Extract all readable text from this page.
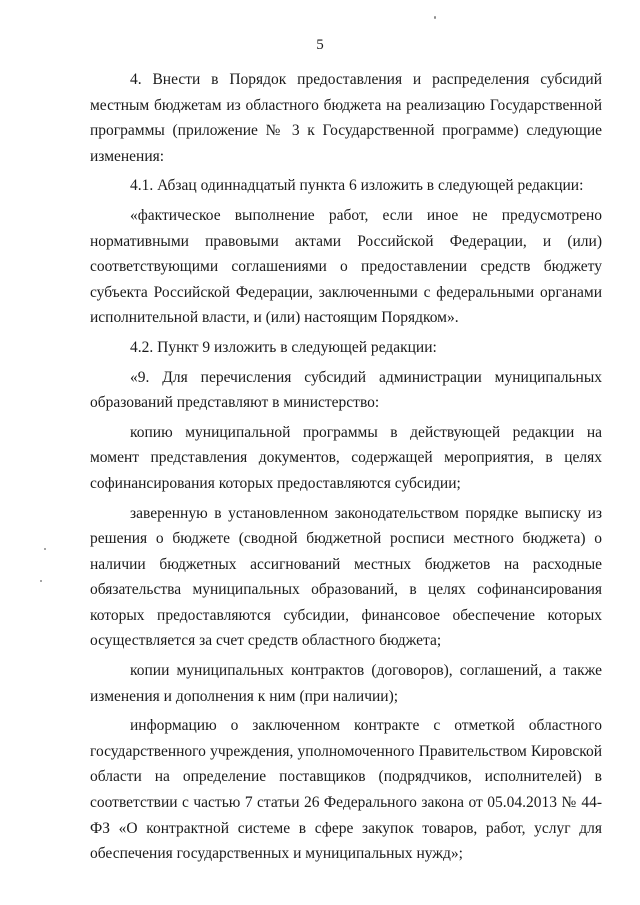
5

4. Внести в Порядок предоставления и распределения субсидий местным бюджетам из областного бюджета на реализацию Государственной программы (приложение № 3 к Государственной программе) следующие изменения:

4.1. Абзац одиннадцатый пункта 6 изложить в следующей редакции:

«фактическое выполнение работ, если иное не предусмотрено нормативными правовыми актами Российской Федерации, и (или) соответствующими соглашениями о предоставлении средств бюджету субъекта Российской Федерации, заключенными с федеральными органами исполнительной власти, и (или) настоящим Порядком».

4.2. Пункт 9 изложить в следующей редакции:

«9. Для перечисления субсидий администрации муниципальных образований представляют в министерство:

копию муниципальной программы в действующей редакции на момент представления документов, содержащей мероприятия, в целях софинансирования которых предоставляются субсидии;

заверенную в установленном законодательством порядке выписку из решения о бюджете (сводной бюджетной росписи местного бюджета) о наличии бюджетных ассигнований местных бюджетов на расходные обязательства муниципальных образований, в целях софинансирования которых предоставляются субсидии, финансовое обеспечение которых осуществляется за счет средств областного бюджета;

копии муниципальных контрактов (договоров), соглашений, а также изменения и дополнения к ним (при наличии);

информацию о заключенном контракте с отметкой областного государственного учреждения, уполномоченного Правительством Кировской области на определение поставщиков (подрядчиков, исполнителей) в соответствии с частью 7 статьи 26 Федерального закона от 05.04.2013 № 44-ФЗ «О контрактной системе в сфере закупок товаров, работ, услуг для обеспечения государственных и муниципальных нужд»;
